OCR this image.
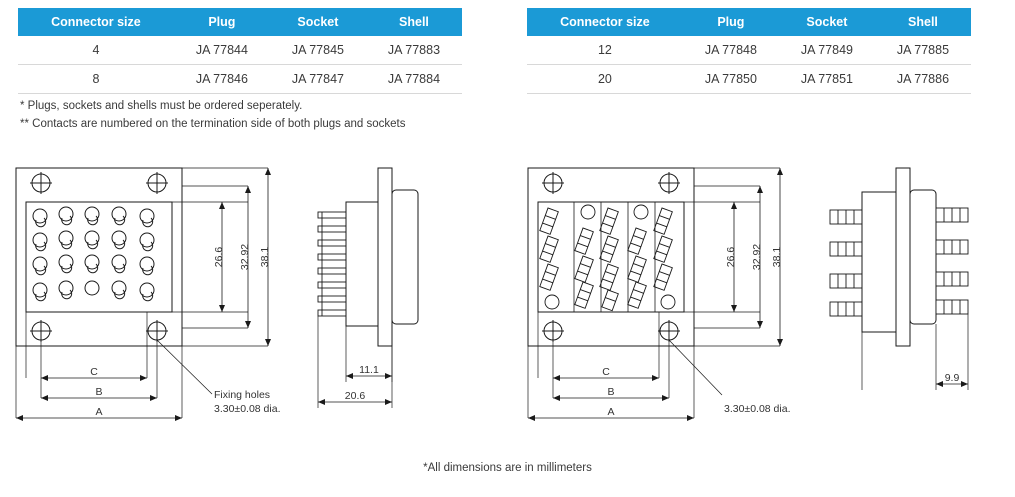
Connector size	Plug	Socket	Shell
4	JA 77844	JA 77845	JA 77883
8	JA 77846	JA 77847	JA 77884
Connector size	Plug	Socket	Shell
12	JA 77848	JA 77849	JA 77885
20	JA 77850	JA 77851	JA 77886
* Plugs, sockets and shells must be ordered seperately.
** Contacts are numbered on the termination side of both plugs and sockets
26.6 32.92 38.1
C
B
A
11.1
20.6
Fixing holes
3.30±0.08 dia.
26.6 32.92 38.1
C
B
A
9.9
3.30±0.08 dia.
*All dimensions are in millimeters
